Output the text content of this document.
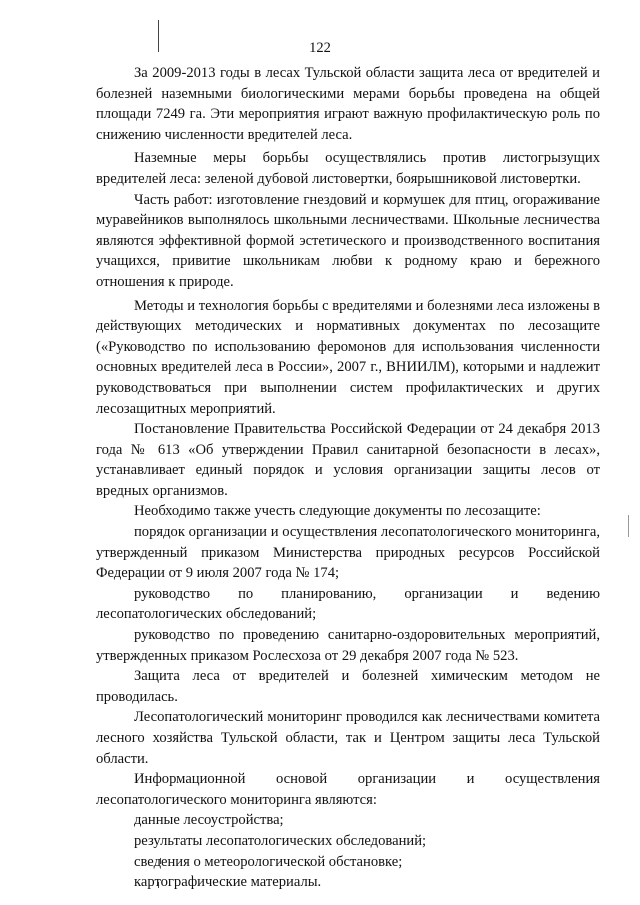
122

За 2009-2013 годы в лесах Тульской области защита леса от вредителей и болезней наземными биологическими мерами борьбы проведена на общей площади 7249 га. Эти мероприятия играют важную профилактическую роль по снижению численности вредителей леса.

Наземные меры борьбы осуществлялись против листогрызущих вредителей леса: зеленой дубовой листовертки, боярышниковой листовертки.

Часть работ: изготовление гнездовий и кормушек для птиц, огораживание муравейников выполнялось школьными лесничествами. Школьные лесничества являются эффективной формой эстетического и производственного воспитания учащихся, привитие школьникам любви к родному краю и бережного отношения к природе.

Методы и технология борьбы с вредителями и болезнями леса изложены в действующих методических и нормативных документах по лесозащите («Руководство по использованию феромонов для использования численности основных вредителей леса в России», 2007 г., ВНИИЛМ), которыми и надлежит руководствоваться при выполнении систем профилактических и других лесозащитных мероприятий.

Постановление Правительства Российской Федерации от 24 декабря 2013 года № 613 «Об утверждении Правил санитарной безопасности в лесах», устанавливает единый порядок и условия организации защиты лесов от вредных организмов.

Необходимо также учесть следующие документы по лесозащите:

порядок организации и осуществления лесопатологического мониторинга, утвержденный приказом Министерства природных ресурсов Российской Федерации от 9 июля 2007 года № 174;

руководство по планированию, организации и ведению лесопатологических обследований;

руководство по проведению санитарно-оздоровительных мероприятий, утвержденных приказом Рослесхоза от 29 декабря 2007 года № 523.

Защита леса от вредителей и болезней химическим методом не проводилась.

Лесопатологический мониторинг проводился как лесничествами комитета лесного хозяйства Тульской области, так и Центром защиты леса Тульской области.

Информационной основой организации и осуществления лесопатологического мониторинга являются:

данные лесоустройства;

результаты лесопатологических обследований;

сведения о метеорологической обстановке;

картографические материалы.
